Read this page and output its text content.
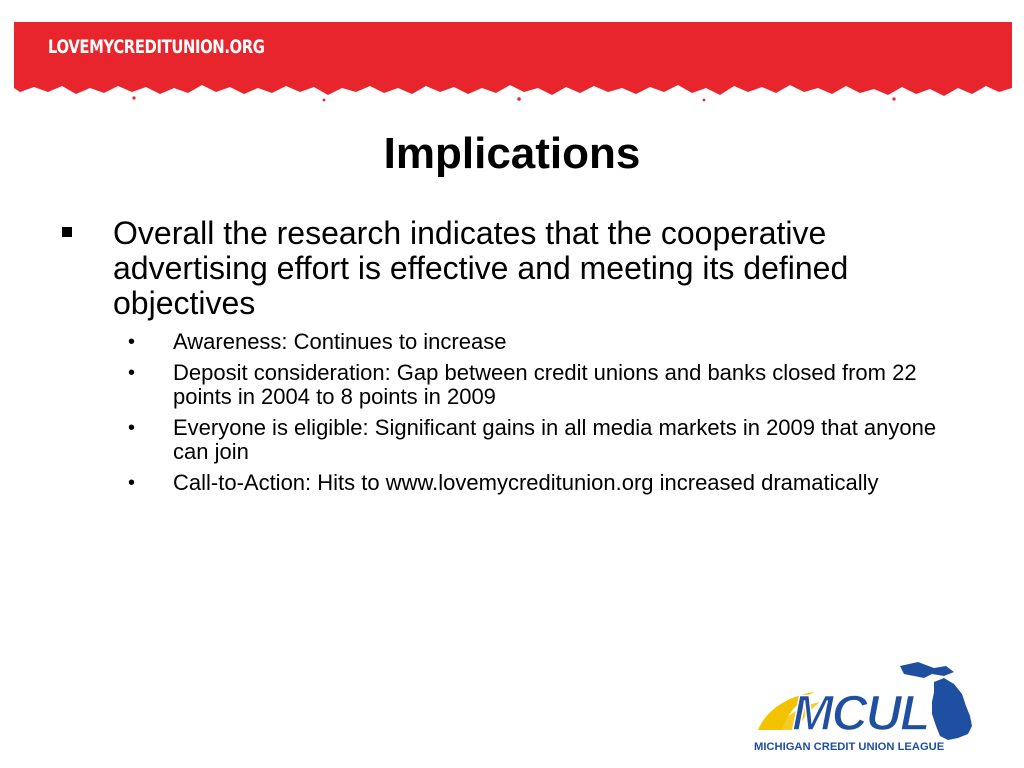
LOVEMYCREDITUNION.ORG
Implications
Overall the research indicates that the cooperative advertising effort is effective and meeting its defined objectives
• Awareness: Continues to increase
• Deposit consideration: Gap between credit unions and banks closed from 22 points in 2004 to 8 points in 2009
• Everyone is eligible: Significant gains in all media markets in 2009 that anyone can join
• Call-to-Action: Hits to www.lovemycreditunion.org increased dramatically
MCUL
MICHIGAN CREDIT UNION LEAGUE
